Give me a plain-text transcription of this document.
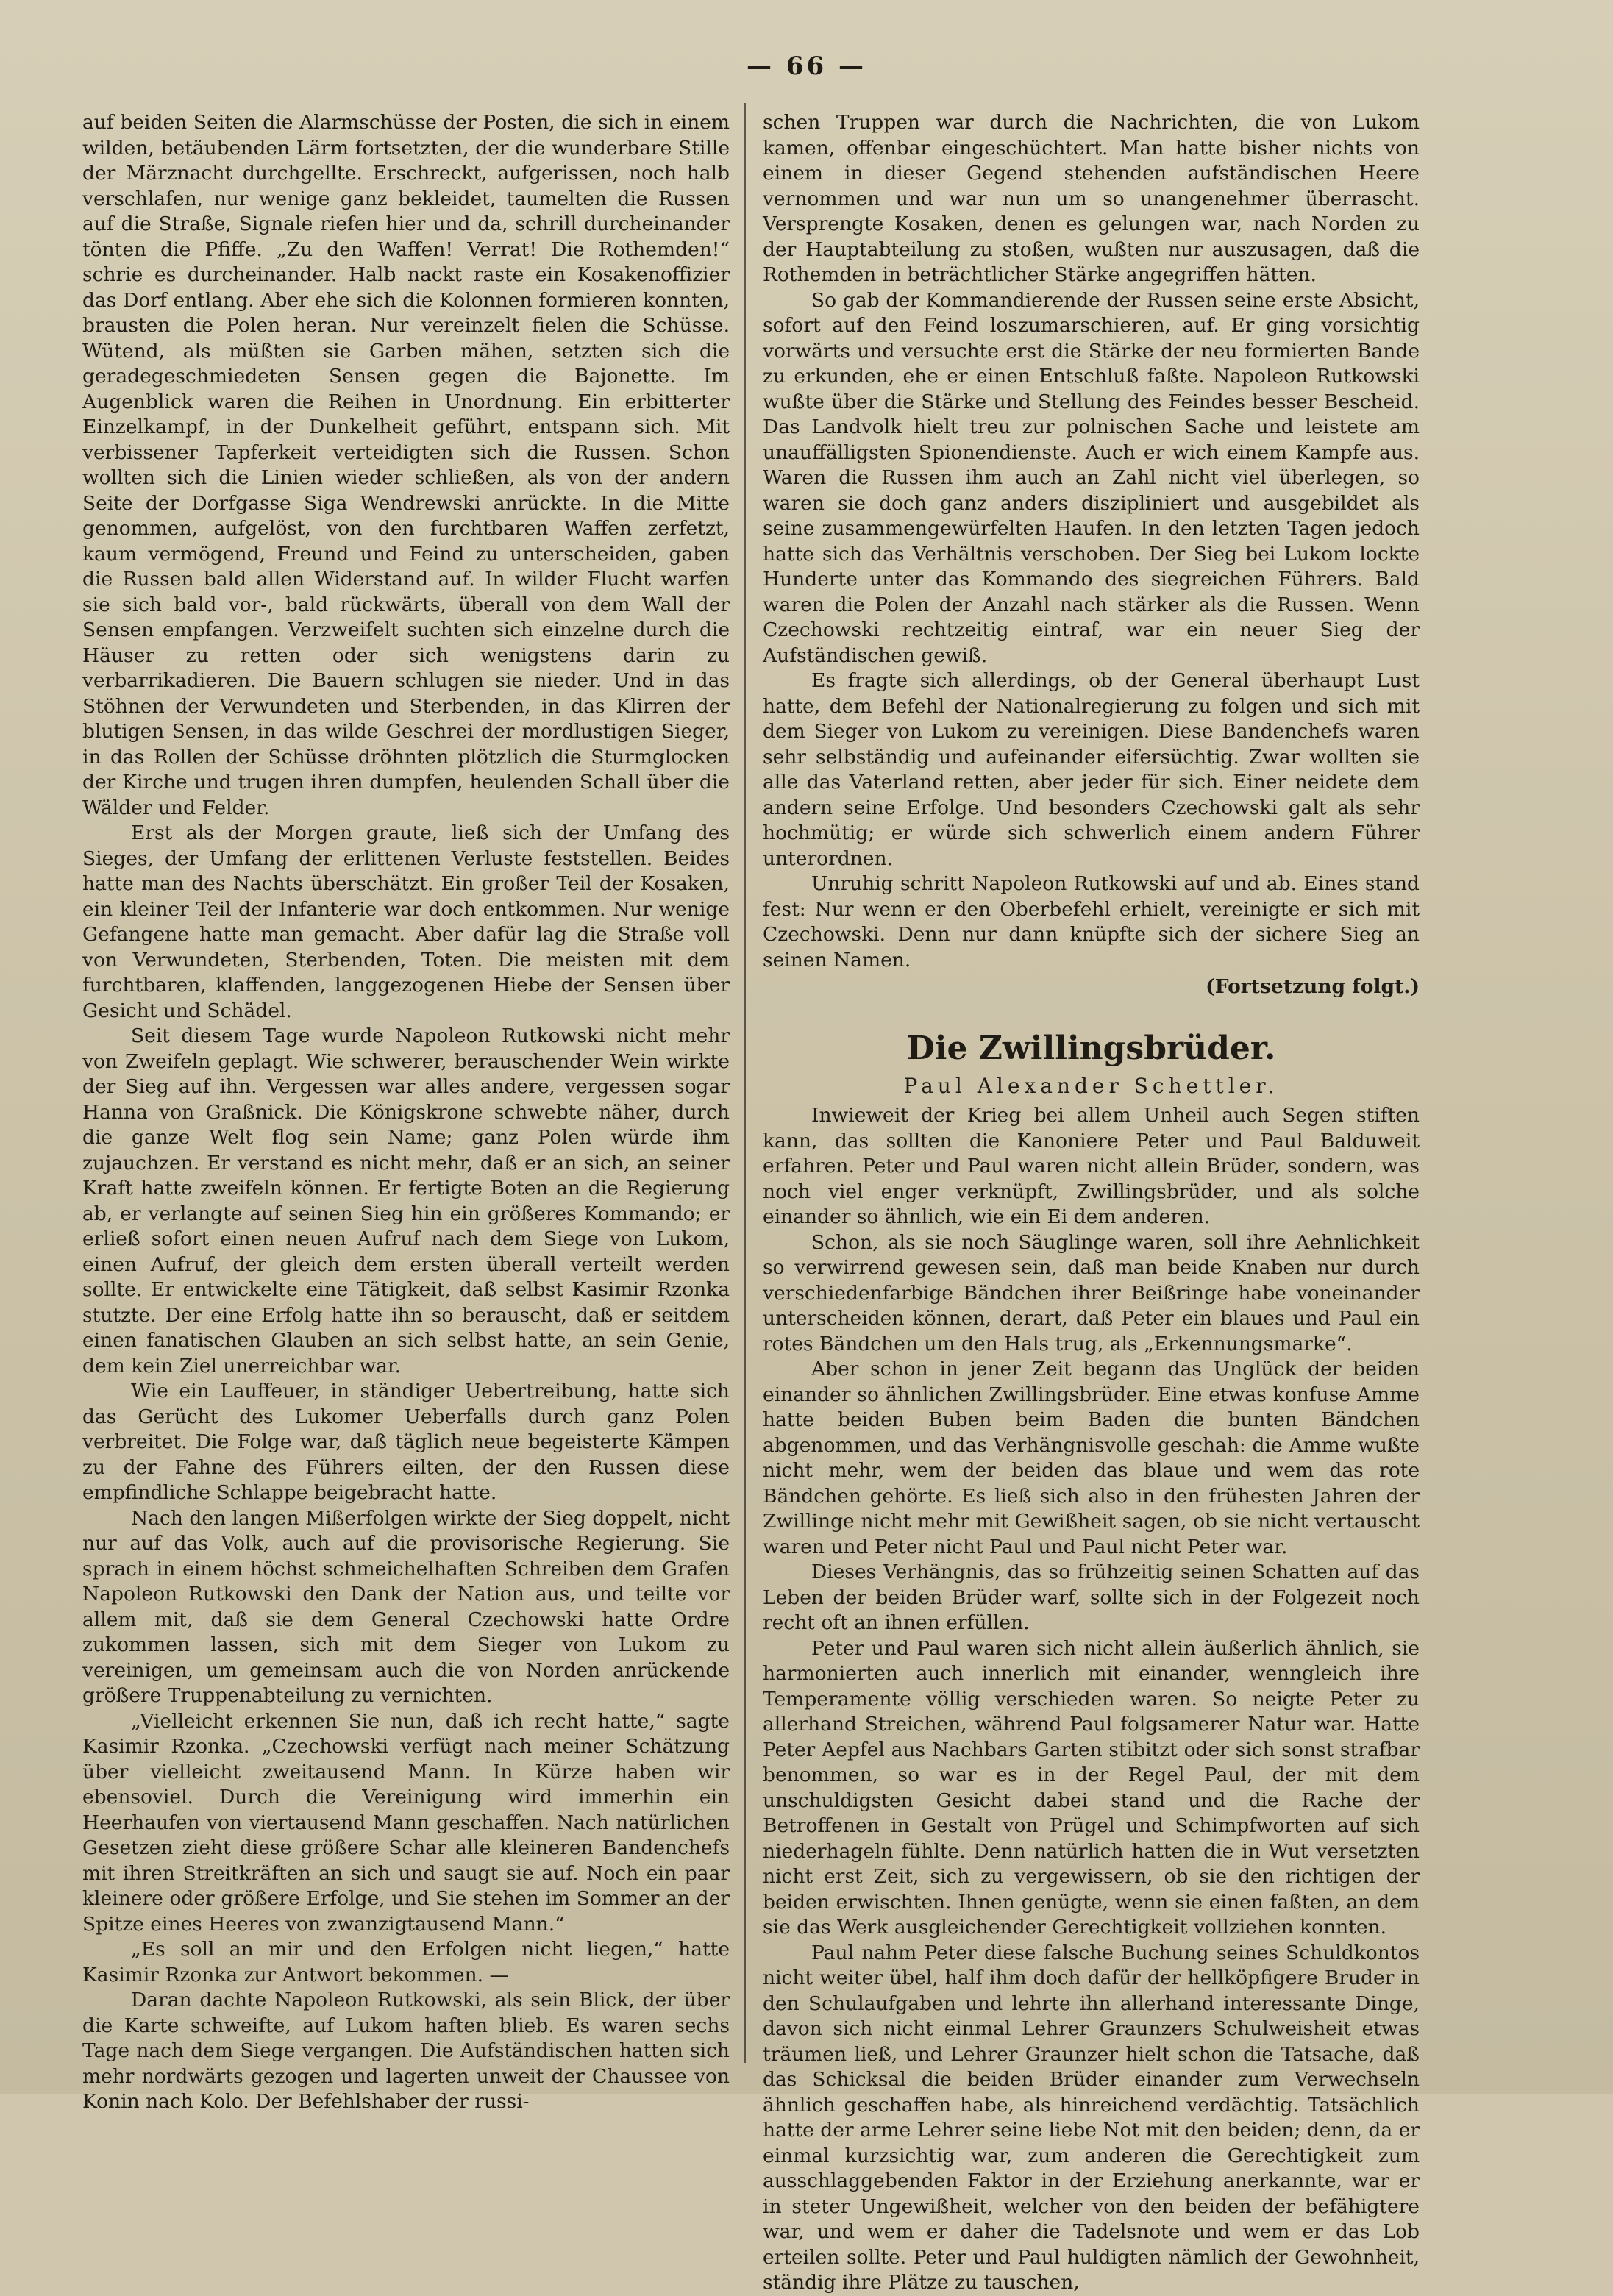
— 66 —

auf beiden Seiten die Alarmschüsse der Posten, die sich in einem wilden, betäubenden Lärm fortsetzten, der die wunderbare Stille der Märznacht durchgellte. Erschreckt, aufgerissen, noch halb verschlafen, nur wenige ganz bekleidet, taumelten die Russen auf die Straße, Signale riefen hier und da, schrill durcheinander tönten die Pfiffe. „Zu den Waffen! Verrat! Die Rothemden!“ schrie es durcheinander. Halb nackt raste ein Kosakenoffizier das Dorf entlang. Aber ehe sich die Kolonnen formieren konnten, brausten die Polen heran. Nur vereinzelt fielen die Schüsse. Wütend, als müßten sie Garben mähen, setzten sich die geradegeschmiedeten Sensen gegen die Bajonette. Im Augenblick waren die Reihen in Unordnung. Ein erbitterter Einzelkampf, in der Dunkelheit geführt, entspann sich. Mit verbissener Tapferkeit verteidigten sich die Russen. Schon wollten sich die Linien wieder schließen, als von der andern Seite der Dorfgasse Siga Wendrewski anrückte. In die Mitte genommen, aufgelöst, von den furchtbaren Waffen zerfetzt, kaum vermögend, Freund und Feind zu unterscheiden, gaben die Russen bald allen Widerstand auf. In wilder Flucht warfen sie sich bald vor-, bald rückwärts, überall von dem Wall der Sensen empfangen. Verzweifelt suchten sich einzelne durch die Häuser zu retten oder sich wenigstens darin zu verbarrikadieren. Die Bauern schlugen sie nieder. Und in das Stöhnen der Verwundeten und Sterbenden, in das Klirren der blutigen Sensen, in das wilde Geschrei der mordlustigen Sieger, in das Rollen der Schüsse dröhnten plötzlich die Sturmglocken der Kirche und trugen ihren dumpfen, heulenden Schall über die Wälder und Felder.

Erst als der Morgen graute, ließ sich der Umfang des Sieges, der Umfang der erlittenen Verluste feststellen. Beides hatte man des Nachts überschätzt. Ein großer Teil der Kosaken, ein kleiner Teil der Infanterie war doch entkommen. Nur wenige Gefangene hatte man gemacht. Aber dafür lag die Straße voll von Verwundeten, Sterbenden, Toten. Die meisten mit dem furchtbaren, klaffenden, langgezogenen Hiebe der Sensen über Gesicht und Schädel.

Seit diesem Tage wurde Napoleon Rutkowski nicht mehr von Zweifeln geplagt. Wie schwerer, berauschender Wein wirkte der Sieg auf ihn. Vergessen war alles andere, vergessen sogar Hanna von Graßnick. Die Königskrone schwebte näher, durch die ganze Welt flog sein Name; ganz Polen würde ihm zujauchzen. Er verstand es nicht mehr, daß er an sich, an seiner Kraft hatte zweifeln können. Er fertigte Boten an die Regierung ab, er verlangte auf seinen Sieg hin ein größeres Kommando; er erließ sofort einen neuen Aufruf nach dem Siege von Lukom, einen Aufruf, der gleich dem ersten überall verteilt werden sollte. Er entwickelte eine Tätigkeit, daß selbst Kasimir Rzonka stutzte. Der eine Erfolg hatte ihn so berauscht, daß er seitdem einen fanatischen Glauben an sich selbst hatte, an sein Genie, dem kein Ziel unerreichbar war.

Wie ein Lauffeuer, in ständiger Uebertreibung, hatte sich das Gerücht des Lukomer Ueberfalls durch ganz Polen verbreitet. Die Folge war, daß täglich neue begeisterte Kämpen zu der Fahne des Führers eilten, der den Russen diese empfindliche Schlappe beigebracht hatte.

Nach den langen Mißerfolgen wirkte der Sieg doppelt, nicht nur auf das Volk, auch auf die provisorische Regierung. Sie sprach in einem höchst schmeichelhaften Schreiben dem Grafen Napoleon Rutkowski den Dank der Nation aus, und teilte vor allem mit, daß sie dem General Czechowski hatte Ordre zukommen lassen, sich mit dem Sieger von Lukom zu vereinigen, um gemeinsam auch die von Norden anrückende größere Truppenabteilung zu vernichten.

„Vielleicht erkennen Sie nun, daß ich recht hatte,“ sagte Kasimir Rzonka. „Czechowski verfügt nach meiner Schätzung über vielleicht zweitausend Mann. In Kürze haben wir ebensoviel. Durch die Vereinigung wird immerhin ein Heerhaufen von viertausend Mann geschaffen. Nach natürlichen Gesetzen zieht diese größere Schar alle kleineren Bandenchefs mit ihren Streitkräften an sich und saugt sie auf. Noch ein paar kleinere oder größere Erfolge, und Sie stehen im Sommer an der Spitze eines Heeres von zwanzigtausend Mann.“

„Es soll an mir und den Erfolgen nicht liegen,“ hatte Kasimir Rzonka zur Antwort bekommen. —

Daran dachte Napoleon Rutkowski, als sein Blick, der über die Karte schweifte, auf Lukom haften blieb. Es waren sechs Tage nach dem Siege vergangen. Die Aufständischen hatten sich mehr nordwärts gezogen und lagerten unweit der Chaussee von Konin nach Kolo. Der Befehlshaber der russi-

schen Truppen war durch die Nachrichten, die von Lukom kamen, offenbar eingeschüchtert. Man hatte bisher nichts von einem in dieser Gegend stehenden aufständischen Heere vernommen und war nun um so unangenehmer überrascht. Versprengte Kosaken, denen es gelungen war, nach Norden zu der Hauptabteilung zu stoßen, wußten nur auszusagen, daß die Rothemden in beträchtlicher Stärke angegriffen hätten.

So gab der Kommandierende der Russen seine erste Absicht, sofort auf den Feind loszumarschieren, auf. Er ging vorsichtig vorwärts und versuchte erst die Stärke der neu formierten Bande zu erkunden, ehe er einen Entschluß faßte. Napoleon Rutkowski wußte über die Stärke und Stellung des Feindes besser Bescheid. Das Landvolk hielt treu zur polnischen Sache und leistete am unauffälligsten Spionendienste. Auch er wich einem Kampfe aus. Waren die Russen ihm auch an Zahl nicht viel überlegen, so waren sie doch ganz anders diszipliniert und ausgebildet als seine zusammengewürfelten Haufen. In den letzten Tagen jedoch hatte sich das Verhältnis verschoben. Der Sieg bei Lukom lockte Hunderte unter das Kommando des siegreichen Führers. Bald waren die Polen der Anzahl nach stärker als die Russen. Wenn Czechowski rechtzeitig eintraf, war ein neuer Sieg der Aufständischen gewiß.

Es fragte sich allerdings, ob der General überhaupt Lust hatte, dem Befehl der Nationalregierung zu folgen und sich mit dem Sieger von Lukom zu vereinigen. Diese Bandenchefs waren sehr selbständig und aufeinander eifersüchtig. Zwar wollten sie alle das Vaterland retten, aber jeder für sich. Einer neidete dem andern seine Erfolge. Und besonders Czechowski galt als sehr hochmütig; er würde sich schwerlich einem andern Führer unterordnen.

Unruhig schritt Napoleon Rutkowski auf und ab. Eines stand fest: Nur wenn er den Oberbefehl erhielt, vereinigte er sich mit Czechowski. Denn nur dann knüpfte sich der sichere Sieg an seinen Namen.

(Fortsetzung folgt.)

Die Zwillingsbrüder.

Paul Alexander Schettler.

Inwieweit der Krieg bei allem Unheil auch Segen stiften kann, das sollten die Kanoniere Peter und Paul Balduweit erfahren. Peter und Paul waren nicht allein Brüder, sondern, was noch viel enger verknüpft, Zwillingsbrüder, und als solche einander so ähnlich, wie ein Ei dem anderen.

Schon, als sie noch Säuglinge waren, soll ihre Aehnlichkeit so verwirrend gewesen sein, daß man beide Knaben nur durch verschiedenfarbige Bändchen ihrer Beißringe habe voneinander unterscheiden können, derart, daß Peter ein blaues und Paul ein rotes Bändchen um den Hals trug, als „Erkennungsmarke“.

Aber schon in jener Zeit begann das Unglück der beiden einander so ähnlichen Zwillingsbrüder. Eine etwas konfuse Amme hatte beiden Buben beim Baden die bunten Bändchen abgenommen, und das Verhängnisvolle geschah: die Amme wußte nicht mehr, wem der beiden das blaue und wem das rote Bändchen gehörte. Es ließ sich also in den frühesten Jahren der Zwillinge nicht mehr mit Gewißheit sagen, ob sie nicht vertauscht waren und Peter nicht Paul und Paul nicht Peter war.

Dieses Verhängnis, das so frühzeitig seinen Schatten auf das Leben der beiden Brüder warf, sollte sich in der Folgezeit noch recht oft an ihnen erfüllen.

Peter und Paul waren sich nicht allein äußerlich ähnlich, sie harmonierten auch innerlich mit einander, wenngleich ihre Temperamente völlig verschieden waren. So neigte Peter zu allerhand Streichen, während Paul folgsamerer Natur war. Hatte Peter Aepfel aus Nachbars Garten stibitzt oder sich sonst strafbar benommen, so war es in der Regel Paul, der mit dem unschuldigsten Gesicht dabei stand und die Rache der Betroffenen in Gestalt von Prügel und Schimpfworten auf sich niederhageln fühlte. Denn natürlich hatten die in Wut versetzten nicht erst Zeit, sich zu vergewissern, ob sie den richtigen der beiden erwischten. Ihnen genügte, wenn sie einen faßten, an dem sie das Werk ausgleichender Gerechtigkeit vollziehen konnten.

Paul nahm Peter diese falsche Buchung seines Schuldkontos nicht weiter übel, half ihm doch dafür der hellköpfigere Bruder in den Schulaufgaben und lehrte ihn allerhand interessante Dinge, davon sich nicht einmal Lehrer Graunzers Schulweisheit etwas träumen ließ, und Lehrer Graunzer hielt schon die Tatsache, daß das Schicksal die beiden Brüder einander zum Verwechseln ähnlich geschaffen habe, als hinreichend verdächtig. Tatsächlich hatte der arme Lehrer seine liebe Not mit den beiden; denn, da er einmal kurzsichtig war, zum anderen die Gerechtigkeit zum ausschlaggebenden Faktor in der Erziehung anerkannte, war er in steter Ungewißheit, welcher von den beiden der befähigtere war, und wem er daher die Tadelsnote und wem er das Lob erteilen sollte. Peter und Paul huldigten nämlich der Gewohnheit, ständig ihre Plätze zu tauschen,
